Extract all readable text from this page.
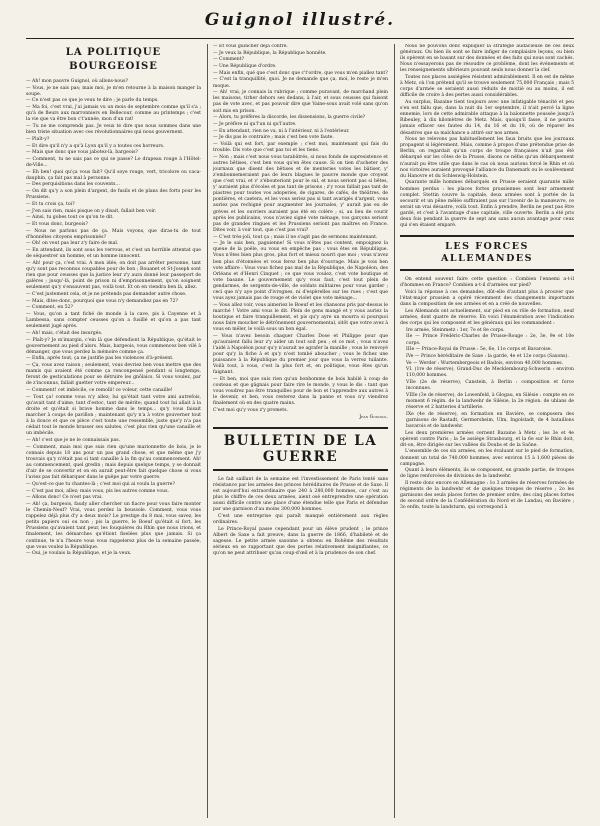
Guignol illustré.
LA POLITIQUE BOURGEOISE

— Ah! mon pauvre Guignol, où allons-nous?

— Vous, je ne sais pas; mais moi, je m'en retourne à la maison manger la soupe.

— Ce n'est pas ce que je veux te dire ; je parle du temps.

— Ma foi, c'est vrai, j'ai jamais vu un mois de septembre comme qu'il s'a ; qu'à de fleurs aux marronniers en Bellecour, comme au printemps ; c'est la vie que va être bon c't'année, mon d'un rat!

— Tu ne me comprends pas. Je veux te dire que nous sommes dans une bien triste situation avec ces révolutionnaires qui nous gouvernent.

— Plaît-y?

— Et dire qu'il n'y a qu'à Lyon qu'il y a toutes ces horreurs.

— Mais que donc que vous jabotez-là, bargeois?

— Comment, tu ne sais pas ce qui se passe? Le drapeau rouge à l'Hôtel-de-Ville...

— Eh ben! quoi qu'ça vous fait? Qu'il soye rouge, vert, tricolore ou caca-dauphin, ça fait pas mal à personne.

— Des perquisitions dans les couvents...

— On dit qu'y a son plein d'argent, de fusils et de plans des forts pour les Prussiens.

— Et tu crois ça, toi?

— J'en sais rien, mais pisque on y disait, fallait ben voir.

— Ainsi, tu gobes tout ce qu'on te dit.

— Et vous donc, burgeois?

— Nous ne parlons pas de ça. Mais voyons, que diras-tu de tout d'honnêtes citoyens emprisonnés?

— Oh! on veut pas leur z'y faire de mal.

— En attendant, ils sont sous les verrous, et c'est un horrible attentat que de séquestrer un homme, et un homme innocent.

— Ah! pour ça, c'est vrai. A mon idée, on doit pas arrêter personne, tant qu'y sont pas reconnus coupables pour de bon ; Rouanet et St-Joseph sont rien que pour ceusses que la justice leur z'y aura donné leur passeport de galères ; jusqu'-là, point de prison ni d'emprisonnement, qu'on soignent seulement qu'y s'ensauvent pas, voilà tout. Et on en viendra ben là, allez.

— C'est justement cela, et je ne prétends pas demander autre chose.

— Mais, dites-donc, pourquoi que vous n'y demandiez pas en 72?

— Comment, en 52?

— Vous, qu'on a tant fiché de monde à la cave, pis à Cayenne et à Lambessa, sans compter ceusses qu'on a fusillé et qu'on a pas tant seulement jugé après.

— Ah! mais, c'était des insurgés.

— Plaît-y? Je m'imargin, c'ein là que défendiont la République, qu'était le gouvernement au pied d'alors. Mais, bargeois, vous commencez ben vilé à démanger, que vous perdez la mémoire comme ça.

— Enfin, après tout, ça ne justifie pas les violences d'à-présent.

— Ça, vous avez raison ; seulement, vous devriez ben vous mettre que des mamis qui avaient été comme ça renconpensé pendant si longtemps, feront de gesticulations pour se détruire les gnôlaics. Si vous voulez, par de z'inconnus, fallait guetter votre empereur...

— Comment! cet imbécile, ce remolli! ce voleur, cette canaille!

— Tout ça! comme vous n'y allez; lui qu'était tant votre ami autrefois, qu'avait tant d'aime, tant d'estoc, tant de mérite; quand tout lui allait à la droite et qu'était si brave homme dans le temps... qu'y vous faisait marcher à coups de pavillon ; maintenant qu'y n'a à votre gouverner tout à la douce et que ce pièce c'est toute une ressemble, juste que'y n'a pas cédait tout le monde brasser ses salutes, c'est plus rien qu'une canaille et un imbécile.

— Ah! c'est que je ne le connaissais pas.

— Comment, mais moi que suis rien qu'une marionnette de bois, je le connais depuis 18 ans pour un pas grand chose, et que même que j'y trouvais qu'y n'était pas si tant canaille à la fin qu'au commencement. Ah! au commencement, quel gredin ; mais depuis quelque temps, y se donnait d'air de se convertir et on en aurait peut-être fait quelque chose si vous l'aviez pas fait débarquer dans le guêpe par votre guerre.

— Qu'est-ce que tu chantes-là ; c'est moi qui ai voulu la guerre?

— C'est pas moi, allez; mais vous, pis les autres comme vous.

— Allons donc! Ce n'est pas vrai.

— Ah! ça, burgeois, faudy aller chercher un fiacre pour vous faire monter le Chemin-Neuf? Vrai, vous perdez la boussole. Comment, vous vous rappelez déjà plus d'y a deux mois? Le prestige du 8 mai, vous savez, les petits papiers oui ou non ; pis la guerre, le Boeuf qu'était si fort, les Prussiens qu'avaient tant peur, les fouquières du Rhin que nous irions, et finalement, les démarches qu'étiont fiselées plus que jamais. Si ça continue, te n'a l'heure vous vous rappelerez plus de la semaine passée, que vous voulez la République.

— Oui, je voulais la République, et je la veux.

— Et vous guincher déjà contre.

— Je veux la République, la République honnête.

— Comment?

— Une République d'ordre.

— Mais enfin, qué que c'est donc que c't'ordre, que vous m'en piallez tant?

— C'est la tranquillité, quoi. Je ne demande que ça, moi, le reste je m'en moque.

— Ah! vrai, je connais la rubrique ; comme puravant, de marchand plein les maisons, tirher dehors ses dedans, à l'air, et sous ceusses qui faisont pas de vote avec, et pas pouvoir dire que Vaine-sous avait volé sans qu'on soit mis en prison.

— Alors, tu préfères la discorde, les dissensions, la guerre civile?

— Je préfère ni qu'l'un ni qu'l'autre.

— En attendant, rien ne va, ni à l'intérieur, ni à l'extérieur.

— Je dis pas le contraire ; mais c'est ben vote faute.

— Voilà qui est fort, par exemple ; c'est moi, maintenant qui fais du trouble. Dis vote que c'est pas toi et les tiens.

— Non ; mais c'est nous vous tarabâtrés, si nous fonds de sapresistence et autres bêtises, c'est ben vous qu'en êtes cause. Si on tien d'acheter des journaux que disent des bêtises et de menteries votes les bâtiser, y' z'embonnemeraient pas de leurs blagues le pauvre monde que croyent que c'est vrai, et v' z'ébouteriont pour le sul, et nous seriont pas si bêtes, y' auraient plus d'écoles et pas tant de prisons ; z'y vous fallait pas tant de piastres pour toutes vos adoperies, de cigares, de cafés, de théâtres, de pontières, et caetera, et les vous seriez pas si tant avarigés d'argent, vous auriez pas rechigné pour augmenter les journales, y' aurait pas eu de grèves et les ouvriers auraient pas été en colère ; si, au lieu de courir après les publicains, vous n'aviez signé vote ménage, vos garçons seriont pas de grandes ringues et les Prussiens seriont pas maîtres en France. Dites voir, à voir tout, que c'est pas vrai?

— C'est très-joli, tout ça ; mais il ne s'agit pas de sermons maintenant.

— Je le sais ben, paguienne! Si vous n'êtes pas content, empoignez la queue de la poêle, ou vous en empêche pas ; vous êtes en République. Vous n'êtes bien plus gros, plus fort et mieux nourri que moi ; vous n'avez ben plus d'étonnées et vous ferez ben plus d'ouvrage. Mais je vois ben vote affaire : Vous vous fichez pas mal de la République, de Napoléon, des Orléans et d'Henri Cinquet ; ce que vous voulez, c'est vote boutique et vote basane. Le gouvernement qu'y vous faut, c'est tout plein de gendarmes, de sergents-de-ville, de soldats militaires pour vous garder ; ceci que n'y aye point d'ivrognes, ni d'espèrelles sur les rues ; c'est que vous ayez jamais pas de rouge et de violet que vote ménage...

— Vous allez voir, vous aimeriez le Boeuf et les chansons pris par-dessus le marché ! Votre ami vous le dit. Plein de gens mangé et y vous auriez la boutique et faire tranquillement, et pis qu'y ayre un mourra si pourquoi nous faire moucher le détrônement gouvernemental, sitôt que votre avez à vous en mêler, le voilà sous un bon égal.

— Vous n'avez besoin chaquer Charles Dose et Philippe pour que qu'auraient fallu leur z'y aider un tout soit peu ; et ce mot ; vous n'avez l'aidé à Napoléon pour qu'y n'aurait ne agrafer la manille ; vous le renvoyé pour qu'y la fiche à et qu'y n'est tombé aboucher ; vous le fichez une puissance à la République du premier jour que vous la verrez tuilante. Voilà tout, à vous, c'est la plus fort et, en politique, vous êtes qu'un faignant.

— Et ben, moi que suis rien qu'un bonhomme de bois habilé à coup de couteau et que gâgnais pour faire rire le monde, y vous le dis : tant que vous voudrez pas être tranquilles pour de bon et l'apprendre aux autres à le devenir, et ben, vous resterez dans la panne et vous n'y viendrez finalement où en des quatre mains.

C'est moi qu'y vous z'y promets.

Jean Guignol.

BULLETIN DE LA GUERRE

Le fait saillant de la semaine est l'investissement de Paris tenté sans résistance par les armées des princes héréditaires de Prusse et de Saxe. Il est aujourd'hui extraordinaire que 240 à 280,000 hommes, car c'est au plus le chiffre de ces deux armées, aient osé entreprendre une opération aussi difficile contre une place d'une étendue telle que Paris et défendue par une garnison d'au moins 300,000 hommes.

C'est une entreprise qui paraît manqué entièrement aux règles ordinaires.

Le Prince-Royal passe cependant pour un élève prudent ; le prince Albert de Saxe a fait preuve, dans la guerre de 1866, d'habileté et de sagesse. Le petite armée saxonne a obtenu en Bohême des résultats sérieux en se rapportant que des portes relativement insignifiantes, ce qu'on ne peut attribuer qu'au coup-d'œil et à la prudence de son chef.

Nous ne pouvons donc expliquer la stratégie audacieuse de ces deux généraux. Ou bien ils sont se faire infiger de complaisire leçons, ou bien ils opèrent en se basant sur des données et des faits qui nous sont cachés. Nous n'essayerons pas de résoudre ce problème, dont les événements et les renseignements ultérieurs pouvant seuls nous donner la clef.

Toutes nos places assiégées résistent admirablement. Il en est de même à Metz, où l'on prétend qu'il se trouve seulement 75,000 Français ; mais 5 corps d'armée se seraient aussi réduits de moitié ou au moins, il est difficile de croire à des pertes aussi considérables.

Au surplus, Bazaine tient toujours avec une infatigable ténacité et peu s'en est fallu que, dans la nuit du 1er septembre, il n'ait percé la ligne ennemie, lors de cette admirable attaque à la baïonnette poussée jusqu'à Ribeuley, à dix kilomètres de Metz. Mais, quoiqu'il fasse, il ne pourra jamais effacer ses fautes du 14, du 16 et du 18, où de réparer les désastres que sa malchance a attiré sur nos armes.

Nous ne relevons pas habituellement les faux bruits que les journaux propagent si légèrement. Mais, comme à propos d'une prétendue prise de Berlin, on regardait qu'un corps de troupe françaises n'ait pas été débarqué sur les côtes de la Prusse, disons ce néfas qu'un débarquement n'aurait pu être utile que dans le cas où nous aurions forcé le Rhin et où nos victoires auraient provoqué l'alliance du Danemark ou le soulèvement du Hanovre et du Schleswig-Holstein.

Quarante mille hommes débarqués en Prusse seraient quarante mille hommes perdus : les places fortes prussiennes sont leur armement complet. Stettin couvre la capitale, deux armées sont à portée de la secourir et un pêne mêlée suffiraient pas sur l'avenir de la manœuvre, ce serait un vrai désastre, voilà tout. Enfin à prendre, Berlin ne peut pas être gardé, et c'est à l'avantage d'une capitale, ville ouverte. Berlin a été pris deux fois pendant la guerre de sept ans sans aucun avantage pour ceux qui s'en étaient emparé.

LES FORCES ALLEMANDES

On entend souvent faire cette question : Combien l'ennemi a-t-il d'hommes en France? Combien a-t-il d'armées sur pied?

Voici la réponse à ces demandes, dût-elle d'autant plus à prouver que l'état-major prussien a opéré récemment des changements importants dans la composition de ses armées et en a créé de nouvelles.

Les Allemands ont actuellement, sur pied en ou rôle de formation, neuf armées, dont quatre de réserve. En voici l'énumération avec l'indication des corps qui les composent et les généraux qui les commandent :

Ire armée, Steinmetz : 1er, 7e et 8e corps.

IIe — Prince Frédéric-Charles de Prusse-Rouge : 2e, 3e, 9e et 10e corps.

IIIe — Prince-Royal de Prusse : 5e, 6e, 11e corps et Bavaroise.

IVe — Prince héréditaire de Saxe : la garde, 4e et 12e corps (Saxons).

Ve — Werder : Wurtembergeois et Badois, environ 40,000 hommes.

VI. (1re de réserve), Grand-Duc de Mecklembourg-Schwerin : environ 110,000 hommes.

VIIe (2e de réserve), Canstein, à Berlin : composition et force inconnues.

VIIIe (3e de réserve), de Lowenfeld, à Glogau, en Silésie : compte en ce moment 6 régim. de la landwehr de Silésie, la 2e région. de uhlans de réserve et 2 batteries d'artillerie.

IXe (4e de réserve), en formation en Bavière, se composera des garnisons de Rastadt, Germersheim, Ulm, Ingolstadt, de 4 bataillons bavarois et de landwehr.

Les deux premières armées cernent Bazaine à Metz ; les 3e et 4e opèrent contre Paris ; la 5e assiège Strasbourg, et la 6e sur le Rhin doit, dit-on, être dirigée sur les vallées du Doubs et de la Saône.

L'ensemble de ces six armées, en les évaluant sur le pied de formation, donnent un total de 740,000 hommes, avec environ 15 à 1,600 pièces de campagne.

Quant à leurs éléments, ils se composent, en grande partie, de troupes de ligne renforcées de divisions de la landwehr.

Il reste donc encore en Allemagne : 1o 3 armées de réserves formées de régiments de la landwehr et de quelques troupes de réserve ; 2o les garnisons des seuls places fortes de premier ordre, des cinq places fortes de second ordre de la Confédération du Nord et de Landau, en Bavière ; 3o enfin, toute la landsturm, qui correspond à
